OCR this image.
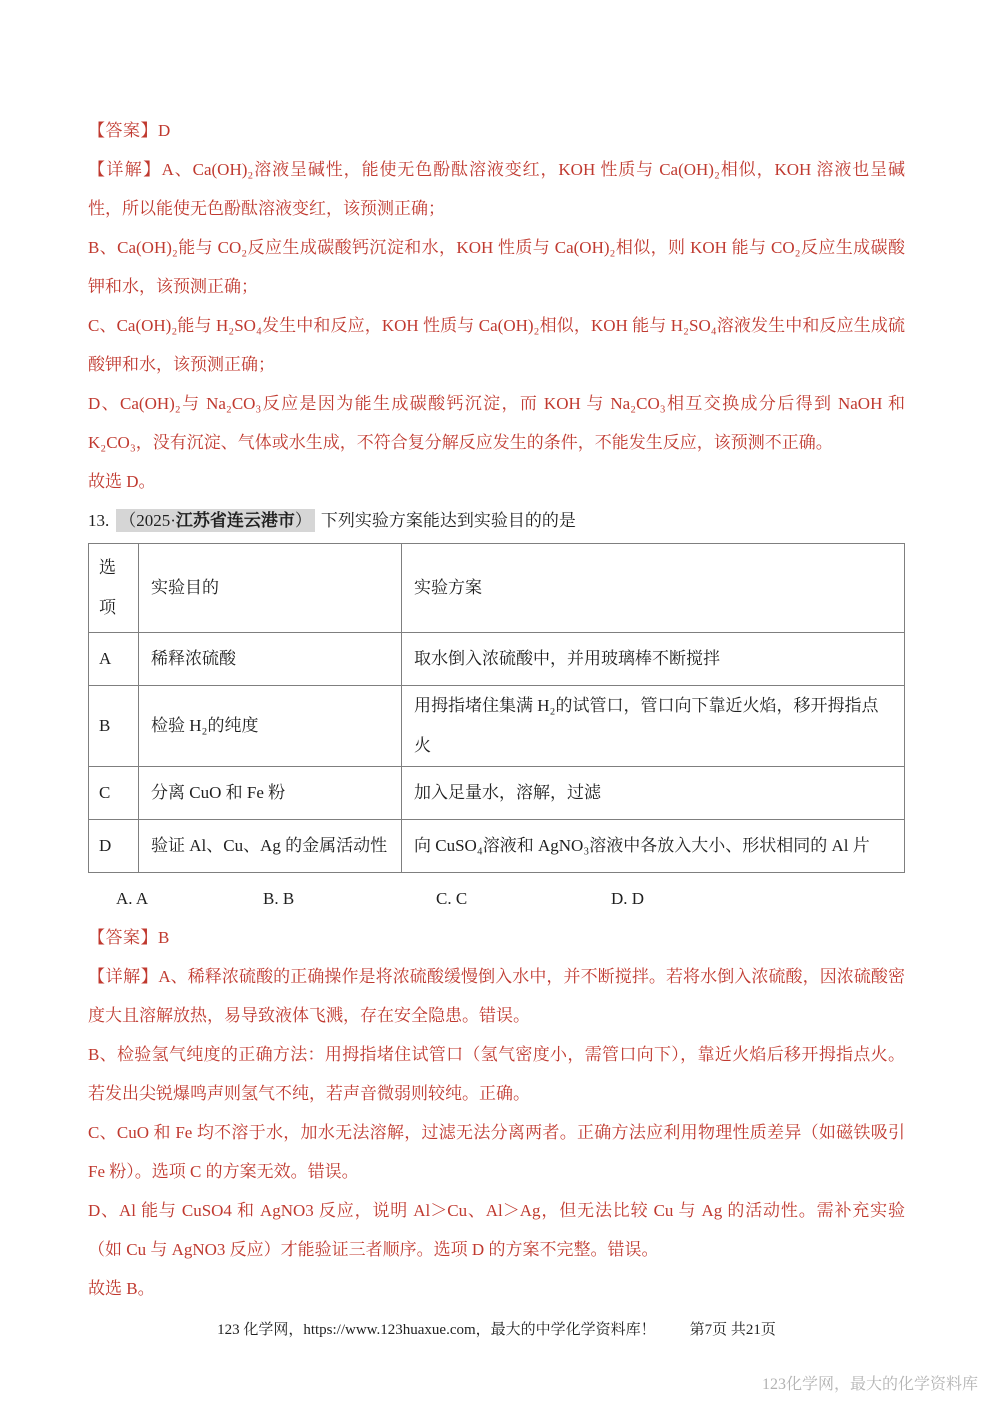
【答案】D

【详解】A、Ca(OH)₂溶液呈碱性，能使无色酚酞溶液变红，KOH 性质与 Ca(OH)₂相似，KOH 溶液也呈碱性，所以能使无色酚酞溶液变红，该预测正确；

B、Ca(OH)₂能与 CO₂反应生成碳酸钙沉淀和水，KOH 性质与 Ca(OH)₂相似，则 KOH 能与 CO₂反应生成碳酸钾和水，该预测正确；

C、Ca(OH)₂能与 H₂SO₄发生中和反应，KOH 性质与 Ca(OH)₂相似，KOH 能与 H₂SO₄溶液发生中和反应生成硫酸钾和水，该预测正确；

D、Ca(OH)₂与 Na₂CO₃反应是因为能生成碳酸钙沉淀，而 KOH 与 Na₂CO₃相互交换成分后得到 NaOH 和 K₂CO₃，没有沉淀、气体或水生成，不符合复分解反应发生的条件，不能发生反应，该预测不正确。

故选 D。

13. （2025·江苏省连云港市） 下列实验方案能达到实验目的的是

选项	实验目的	实验方案
A	稀释浓硫酸	取水倒入浓硫酸中，并用玻璃棒不断搅拌
B	检验 H₂的纯度	用拇指堵住集满 H₂的试管口，管口向下靠近火焰，移开拇指点火
C	分离 CuO 和 Fe 粉	加入足量水，溶解，过滤
D	验证 Al、Cu、Ag 的金属活动性	向 CuSO₄溶液和 AgNO₃溶液中各放入大小、形状相同的 Al 片

A. A	B. B	C. C	D. D

【答案】B

【详解】A、稀释浓硫酸的正确操作是将浓硫酸缓慢倒入水中，并不断搅拌。若将水倒入浓硫酸，因浓硫酸密度大且溶解放热，易导致液体飞溅，存在安全隐患。错误。

B、检验氢气纯度的正确方法：用拇指堵住试管口（氢气密度小，需管口向下），靠近火焰后移开拇指点火。若发出尖锐爆鸣声则氢气不纯，若声音微弱则较纯。正确。

C、CuO 和 Fe 均不溶于水，加水无法溶解，过滤无法分离两者。正确方法应利用物理性质差异（如磁铁吸引 Fe 粉）。选项 C 的方案无效。错误。

D、Al 能与 CuSO4 和 AgNO3 反应，说明 Al＞Cu、Al＞Ag，但无法比较 Cu 与 Ag 的活动性。需补充实验（如 Cu 与 AgNO3 反应）才能验证三者顺序。选项 D 的方案不完整。错误。

故选 B。

123 化学网，https://www.123huaxue.com，最大的中学化学资料库！ 第7页 共21页

123化学网，最大的化学资料库
